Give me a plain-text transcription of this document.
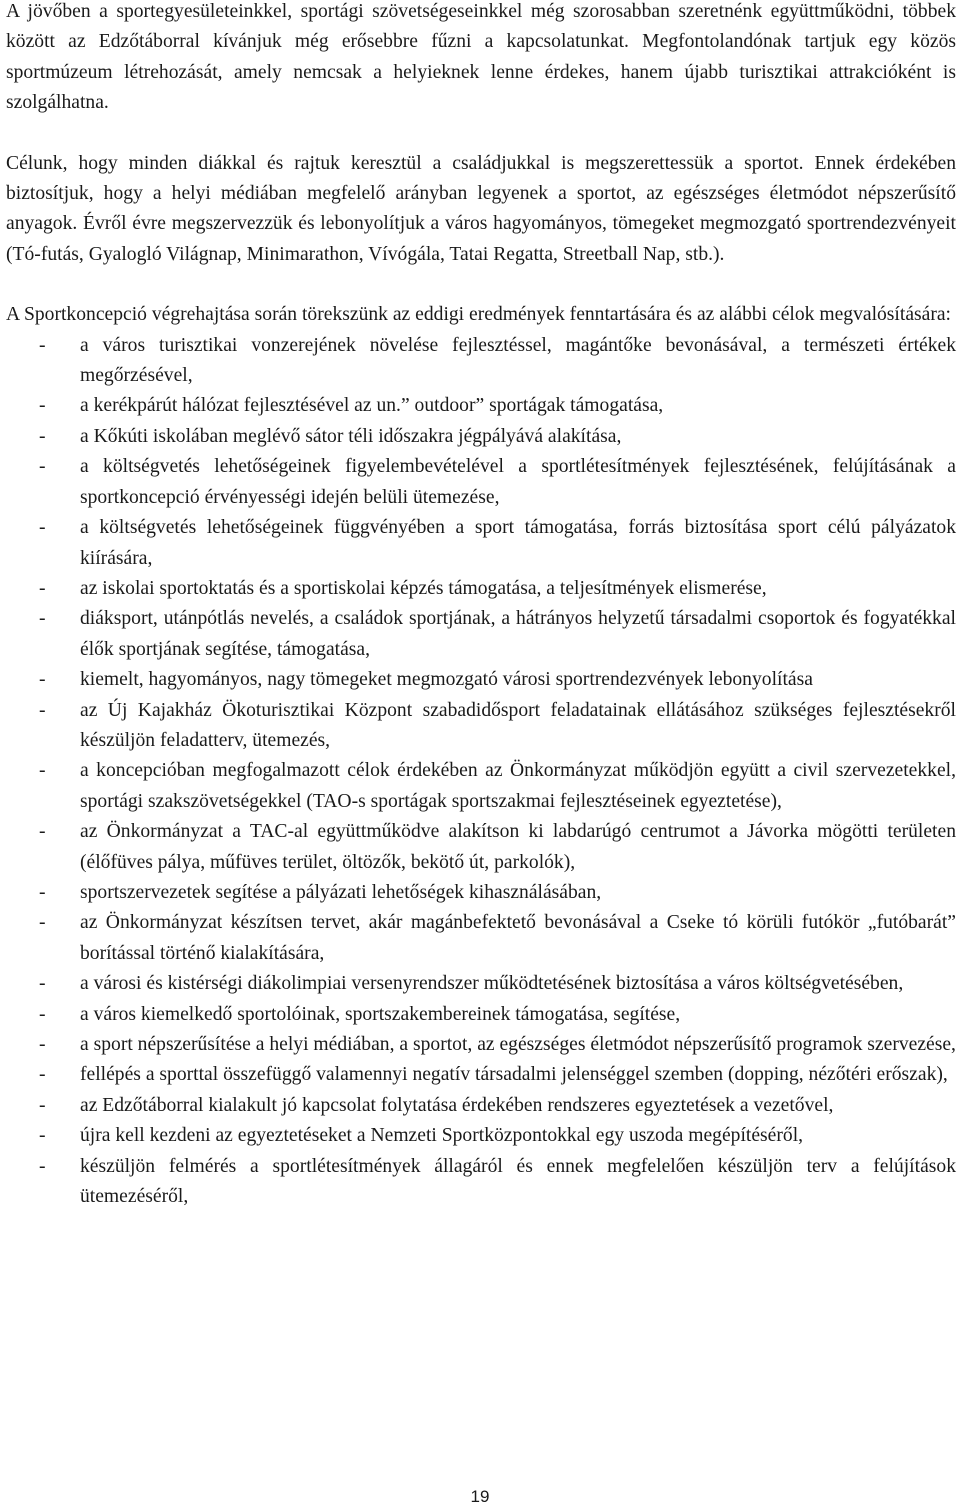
A jövőben a sportegyesületeinkkel, sportági szövetségeseinkkel még szorosabban szeretnénk együttműködni, többek között az Edzőtáborral kívánjuk még erősebbre fűzni a kapcsolatunkat. Megfontolandónak tartjuk egy közös sportmúzeum létrehozását, amely nemcsak a helyieknek lenne érdekes, hanem újabb turisztikai attrakcióként is szolgálhatna.

Célunk, hogy minden diákkal és rajtuk keresztül a családjukkal is megszerettessük a sportot. Ennek érdekében biztosítjuk, hogy a helyi médiában megfelelő arányban legyenek a sportot, az egészséges életmódot népszerűsítő anyagok. Évről évre megszervezzük és lebonyolítjuk a város hagyományos, tömegeket megmozgató sportrendezvényeit (Tó-futás, Gyalogló Világnap, Minimarathon, Vívógála, Tatai Regatta, Streetball Nap, stb.).

A Sportkoncepció végrehajtása során törekszünk az eddigi eredmények fenntartására és az alábbi célok megvalósítására:

- a város turisztikai vonzerejének növelése fejlesztéssel, magántőke bevonásával, a természeti értékek megőrzésével,
- a kerékpárút hálózat fejlesztésével az un.” outdoor” sportágak támogatása,
- a Kőkúti iskolában meglévő sátor téli időszakra jégpályává alakítása,
- a költségvetés lehetőségeinek figyelembevételével a sportlétesítmények fejlesztésének, felújításának a sportkoncepció érvényességi idején belüli ütemezése,
- a költségvetés lehetőségeinek függvényében a sport támogatása, forrás biztosítása sport célú pályázatok kiírására,
- az iskolai sportoktatás és a sportiskolai képzés támogatása, a teljesítmények elismerése,
- diáksport, utánpótlás nevelés, a családok sportjának, a hátrányos helyzetű társadalmi csoportok és fogyatékkal élők sportjának segítése, támogatása,
- kiemelt, hagyományos, nagy tömegeket megmozgató városi sportrendezvények lebonyolítása
- az Új Kajakház Ökoturisztikai Központ szabadidősport feladatainak ellátásához szükséges fejlesztésekről készüljön feladatterv, ütemezés,
- a koncepcióban megfogalmazott célok érdekében az Önkormányzat működjön együtt a civil szervezetekkel, sportági szakszövetségekkel (TAO-s sportágak sportszakmai fejlesztéseinek egyeztetése),
- az Önkormányzat a TAC-al együttműködve alakítson ki labdarúgó centrumot a Jávorka mögötti területen (élőfüves pálya, műfüves terület, öltözők, bekötő út, parkolók),
- sportszervezetek segítése a pályázati lehetőségek kihasználásában,
- az Önkormányzat készítsen tervet, akár magánbefektető bevonásával a Cseke tó körüli futókör „futóbarát” borítással történő kialakítására,
- a városi és kistérségi diákolimpiai versenyrendszer működtetésének biztosítása a város költségvetésében,
- a város kiemelkedő sportolóinak, sportszakembereinek támogatása, segítése,
- a sport népszerűsítése a helyi médiában, a sportot, az egészséges életmódot népszerűsítő programok szervezése,
- fellépés a sporttal összefüggő valamennyi negatív társadalmi jelenséggel szemben (dopping, nézőtéri erőszak),
- az Edzőtáborral kialakult jó kapcsolat folytatása érdekében rendszeres egyeztetések a vezetővel,
- újra kell kezdeni az egyeztetéseket a Nemzeti Sportközpontokkal egy uszoda megépítéséről,
- készüljön felmérés a sportlétesítmények állagáról és ennek megfelelően készüljön terv a felújítások ütemezéséről,
19
